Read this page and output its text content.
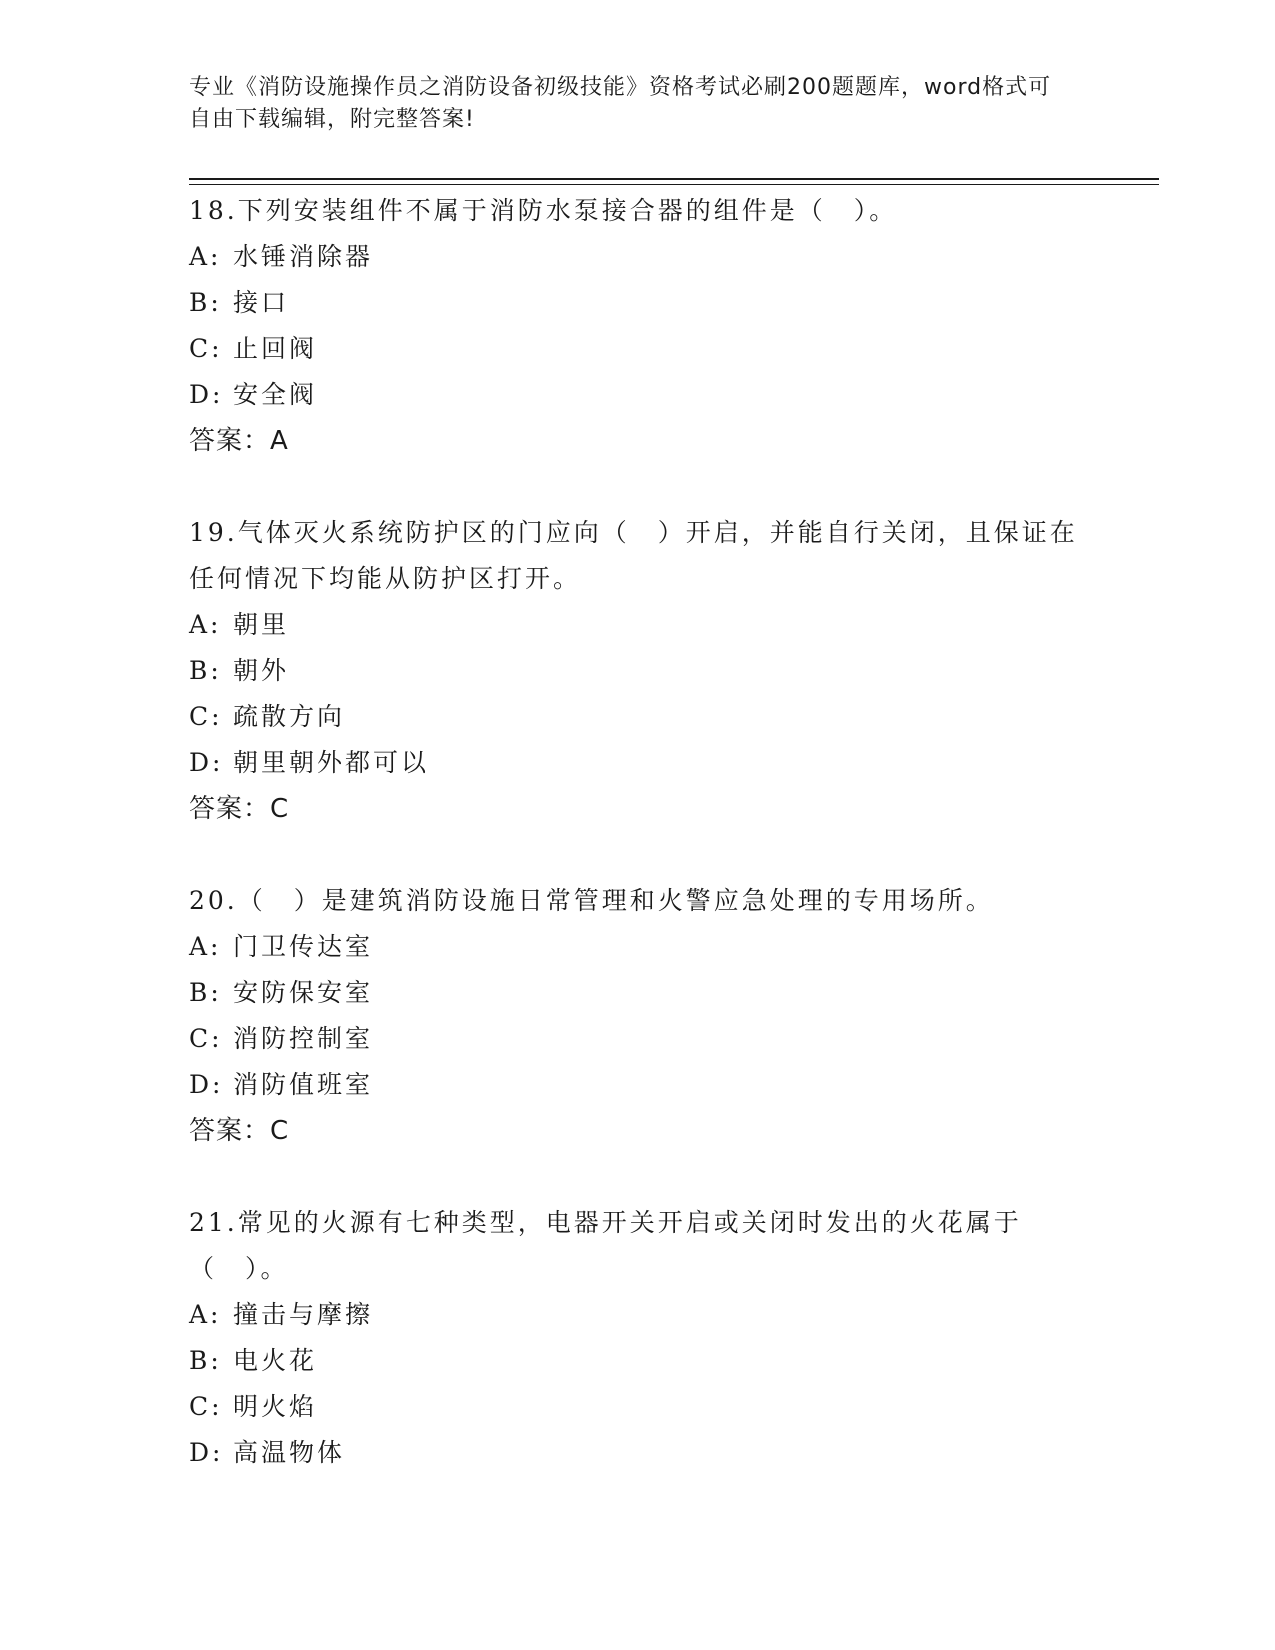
专业《消防设施操作员之消防设备初级技能》资格考试必刷200题题库，word格式可自由下载编辑，附完整答案!

18.下列安装组件不属于消防水泵接合器的组件是（　）。

A: 水锤消除器

B: 接口

C: 止回阀

D: 安全阀

答案：A

19.气体灭火系统防护区的门应向（　）开启，并能自行关闭，且保证在任何情况下均能从防护区打开。

A: 朝里

B: 朝外

C: 疏散方向

D: 朝里朝外都可以

答案：C

20.（　）是建筑消防设施日常管理和火警应急处理的专用场所。

A: 门卫传达室

B: 安防保安室

C: 消防控制室

D: 消防值班室

答案：C

21.常见的火源有七种类型，电器开关开启或关闭时发出的火花属于（　）。

A: 撞击与摩擦

B: 电火花

C: 明火焰

D: 高温物体
